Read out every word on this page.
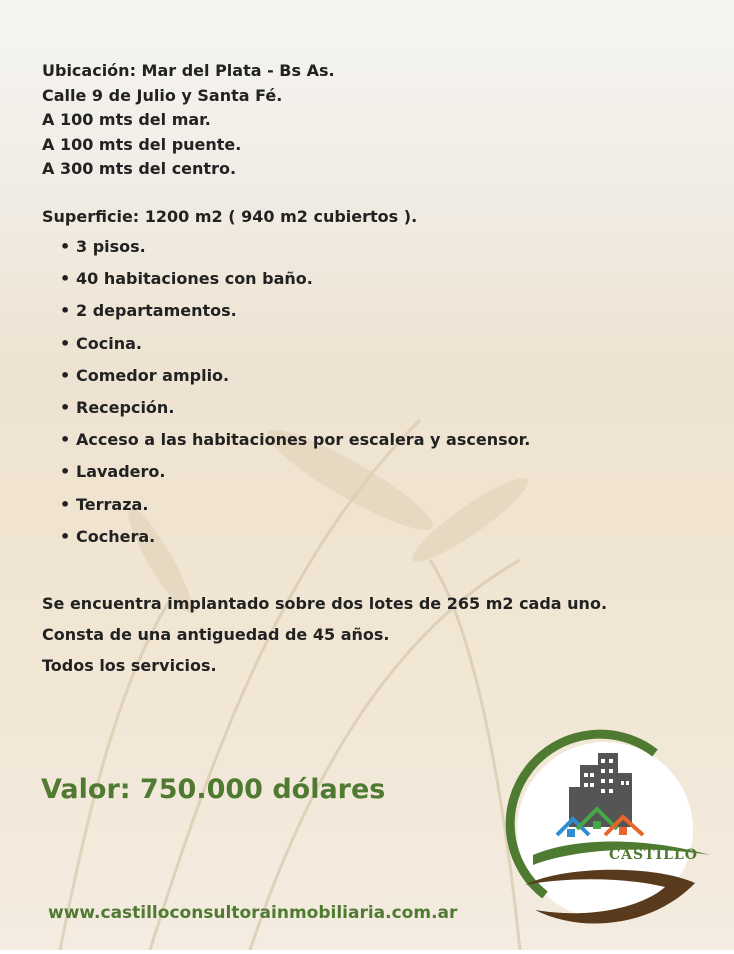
Ubicación: Mar del Plata - Bs As.
Calle 9 de Julio y Santa Fé.
A 100 mts del mar.
A 100 mts del puente.
A 300 mts del centro.
Superficie: 1200 m2 ( 940 m2 cubiertos ).
• 3 pisos.
• 40 habitaciones con baño.
• 2 departamentos.
• Cocina.
• Comedor amplio.
• Recepción.
• Acceso a las habitaciones por escalera y ascensor.
• Lavadero.
• Terraza.
• Cochera.
Se encuentra implantado sobre dos lotes de 265 m2 cada uno.
Consta de una antiguedad de 45 años.
Todos los servicios.
Valor: 750.000 dólares
www.castilloconsultorainmobiliaria.com.ar
CASTILLO
